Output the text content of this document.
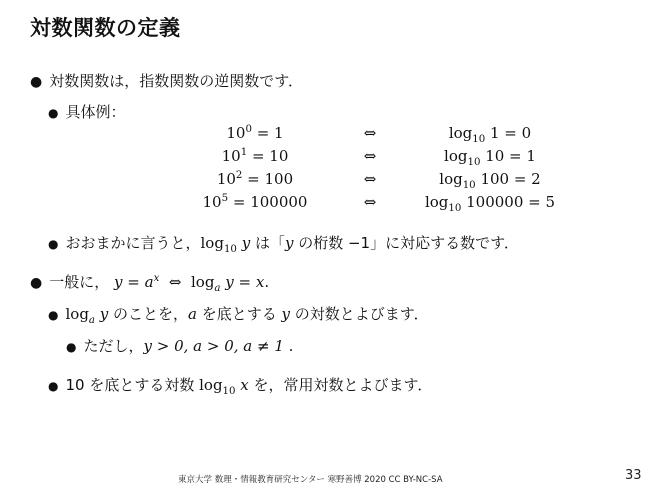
対数関数の定義
● 対数関数は，指数関数の逆関数です．
● 具体例：
$10^0 = 1$	⇔	$\log_{10} 1 = 0$
$10^1 = 10$	⇔	$\log_{10} 10 = 1$
$10^2 = 100$	⇔	$\log_{10} 100 = 2$
$10^5 = 100000$	⇔	$\log_{10} 100000 = 5$
● おおまかに言うと，$\log_{10} y$ は「y の桁数 −1」に対応する数です．
● 一般に， $y = a^x$ ⇔ $\log_a y = x$.
● $\log_a y$ のことを，a を底とする y の対数とよびます．
● ただし，y > 0, a > 0, a ≠ 1 .
● 10 を底とする対数 $\log_{10} x$ を，常用対数とよびます．
東京大学 数理・情報教育研究センター 寒野善博 2020 CC BY-NC-SA	33
